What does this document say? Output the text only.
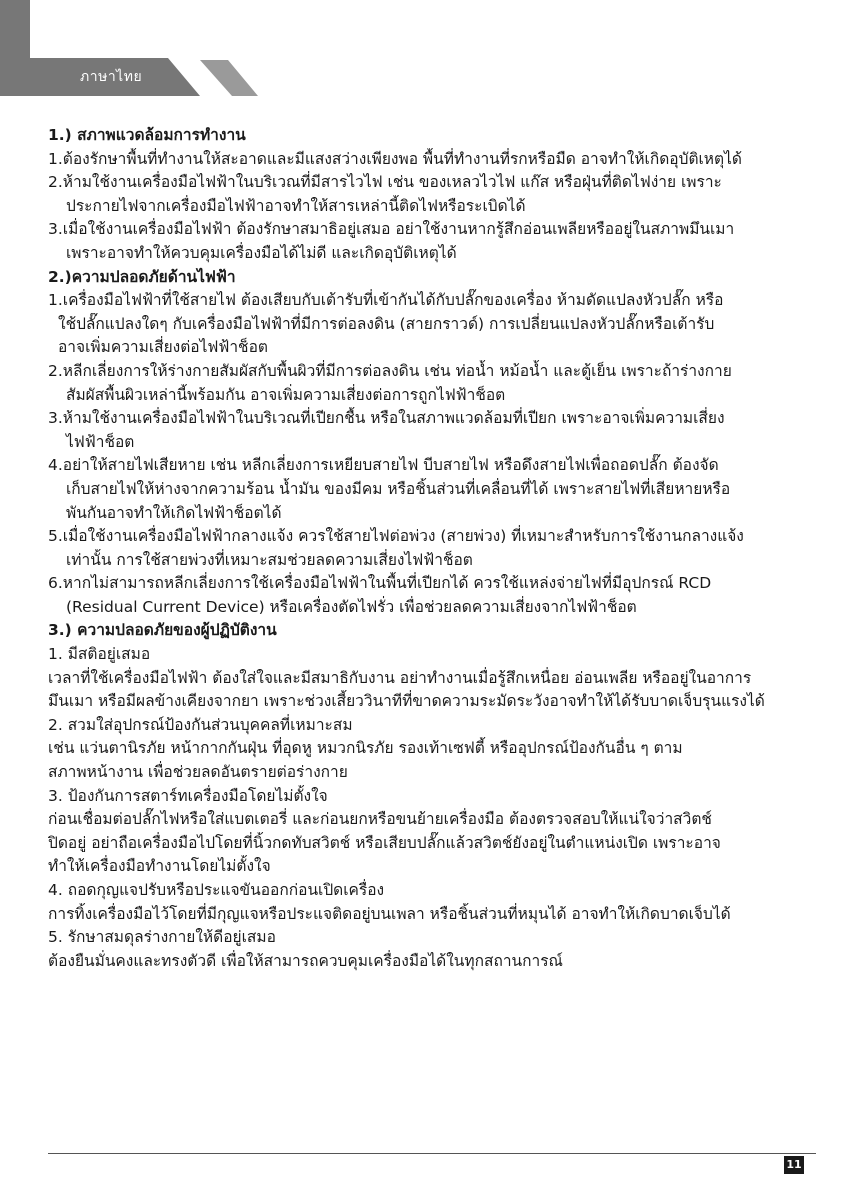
ภาษาไทย

1.) สภาพแวดล้อมการทำงาน

1.ต้องรักษาพื้นที่ทำงานให้สะอาดและมีแสงสว่างเพียงพอ พื้นที่ทำงานที่รกหรือมืด อาจทำให้เกิดอุบัติเหตุได้

2.ห้ามใช้งานเครื่องมือไฟฟ้าในบริเวณที่มีสารไวไฟ เช่น ของเหลวไวไฟ แก๊ส หรือฝุ่นที่ติดไฟง่าย เพราะ

ประกายไฟจากเครื่องมือไฟฟ้าอาจทำให้สารเหล่านี้ติดไฟหรือระเบิดได้

3.เมื่อใช้งานเครื่องมือไฟฟ้า ต้องรักษาสมาธิอยู่เสมอ อย่าใช้งานหากรู้สึกอ่อนเพลียหรืออยู่ในสภาพมึนเมา

เพราะอาจทำให้ควบคุมเครื่องมือได้ไม่ดี และเกิดอุบัติเหตุได้

2.)ความปลอดภัยด้านไฟฟ้า

1.เครื่องมือไฟฟ้าที่ใช้สายไฟ ต้องเสียบกับเต้ารับที่เข้ากันได้กับปลั๊กของเครื่อง ห้ามดัดแปลงหัวปลั๊ก หรือ

ใช้ปลั๊กแปลงใดๆ กับเครื่องมือไฟฟ้าที่มีการต่อลงดิน (สายกราวด์) การเปลี่ยนแปลงหัวปลั๊กหรือเต้ารับ

อาจเพิ่มความเสี่ยงต่อไฟฟ้าช็อต

2.หลีกเลี่ยงการให้ร่างกายสัมผัสกับพื้นผิวที่มีการต่อลงดิน เช่น ท่อน้ำ หม้อน้ำ และตู้เย็น เพราะถ้าร่างกาย

สัมผัสพื้นผิวเหล่านี้พร้อมกัน อาจเพิ่มความเสี่ยงต่อการถูกไฟฟ้าช็อต

3.ห้ามใช้งานเครื่องมือไฟฟ้าในบริเวณที่เปียกชื้น หรือในสภาพแวดล้อมที่เปียก เพราะอาจเพิ่มความเสี่ยง

ไฟฟ้าช็อต

4.อย่าให้สายไฟเสียหาย เช่น หลีกเลี่ยงการเหยียบสายไฟ บีบสายไฟ หรือดึงสายไฟเพื่อถอดปลั๊ก ต้องจัด

เก็บสายไฟให้ห่างจากความร้อน น้ำมัน ของมีคม หรือชิ้นส่วนที่เคลื่อนที่ได้ เพราะสายไฟที่เสียหายหรือ

พันกันอาจทำให้เกิดไฟฟ้าช็อตได้

5.เมื่อใช้งานเครื่องมือไฟฟ้ากลางแจ้ง ควรใช้สายไฟต่อพ่วง (สายพ่วง) ที่เหมาะสำหรับการใช้งานกลางแจ้ง

เท่านั้น การใช้สายพ่วงที่เหมาะสมช่วยลดความเสี่ยงไฟฟ้าช็อต

6.หากไม่สามารถหลีกเลี่ยงการใช้เครื่องมือไฟฟ้าในพื้นที่เปียกได้ ควรใช้แหล่งจ่ายไฟที่มีอุปกรณ์ RCD

(Residual Current Device) หรือเครื่องตัดไฟรั่ว เพื่อช่วยลดความเสี่ยงจากไฟฟ้าช็อต

3.) ความปลอดภัยของผู้ปฏิบัติงาน

1. มีสติอยู่เสมอ

เวลาที่ใช้เครื่องมือไฟฟ้า ต้องใส่ใจและมีสมาธิกับงาน อย่าทำงานเมื่อรู้สึกเหนื่อย อ่อนเพลีย หรืออยู่ในอาการ

มึนเมา หรือมีผลข้างเคียงจากยา เพราะช่วงเสี้ยววินาทีที่ขาดความระมัดระวังอาจทำให้ได้รับบาดเจ็บรุนแรงได้

2. สวมใส่อุปกรณ์ป้องกันส่วนบุคคลที่เหมาะสม

เช่น แว่นตานิรภัย หน้ากากกันฝุ่น ที่อุดหู หมวกนิรภัย รองเท้าเซฟตี้ หรืออุปกรณ์ป้องกันอื่น ๆ ตาม

สภาพหน้างาน เพื่อช่วยลดอันตรายต่อร่างกาย

3. ป้องกันการสตาร์ทเครื่องมือโดยไม่ตั้งใจ

ก่อนเชื่อมต่อปลั๊กไฟหรือใส่แบตเตอรี่ และก่อนยกหรือขนย้ายเครื่องมือ ต้องตรวจสอบให้แน่ใจว่าสวิตช์

ปิดอยู่ อย่าถือเครื่องมือไปโดยที่นิ้วกดทับสวิตช์ หรือเสียบปลั๊กแล้วสวิตช์ยังอยู่ในตำแหน่งเปิด เพราะอาจ

ทำให้เครื่องมือทำงานโดยไม่ตั้งใจ

4. ถอดกุญแจปรับหรือประแจขันออกก่อนเปิดเครื่อง

การทิ้งเครื่องมือไว้โดยที่มีกุญแจหรือประแจติดอยู่บนเพลา หรือชิ้นส่วนที่หมุนได้ อาจทำให้เกิดบาดเจ็บได้

5. รักษาสมดุลร่างกายให้ดีอยู่เสมอ

ต้องยืนมั่นคงและทรงตัวดี เพื่อให้สามารถควบคุมเครื่องมือได้ในทุกสถานการณ์

11
